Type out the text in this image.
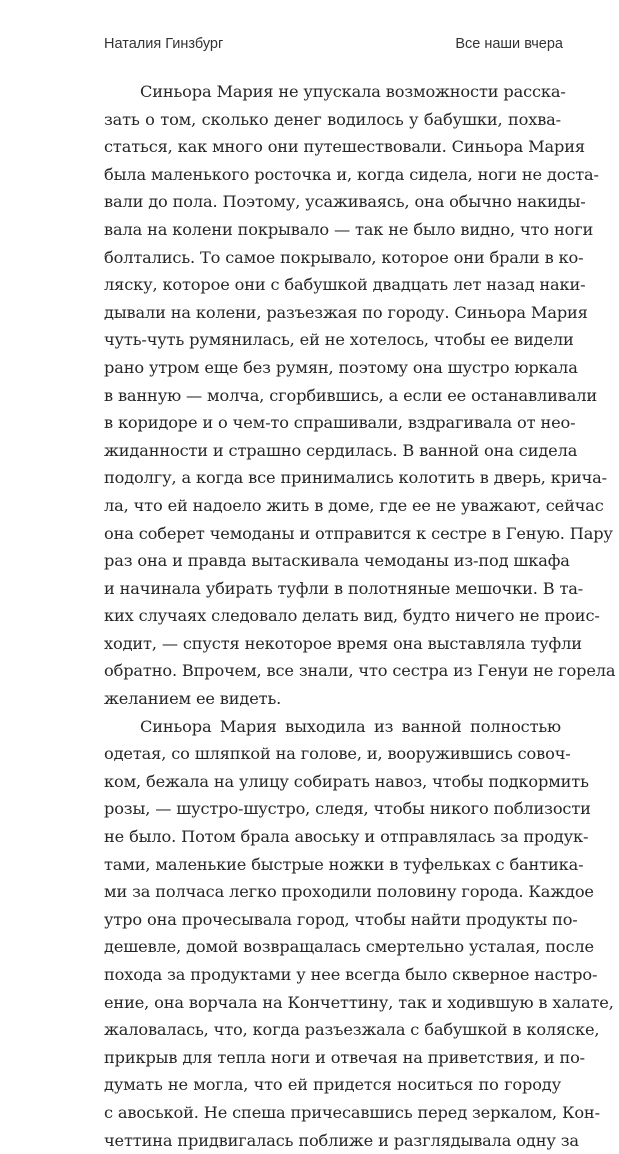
Наталия Гинзбург	Все наши вчера
Синьора Мария не упускала возможности расска-
зать о том, сколько денег водилось у бабушки, похва-
статься, как много они путешествовали. Синьора Мария
была маленького росточка и, когда сидела, ноги не доста-
вали до пола. Поэтому, усаживаясь, она обычно накиды-
вала на колени покрывало — так не было видно, что ноги
болтались. То самое покрывало, которое они брали в ко-
ляску, которое они с бабушкой двадцать лет назад наки-
дывали на колени, разъезжая по городу. Синьора Мария
чуть-чуть румянилась, ей не хотелось, чтобы ее видели
рано утром еще без румян, поэтому она шустро юркала
в ванную — молча, сгорбившись, а если ее останавливали
в коридоре и о чем-то спрашивали, вздрагивала от нео-
жиданности и страшно сердилась. В ванной она сидела
подолгу, а когда все принимались колотить в дверь, крича-
ла, что ей надоело жить в доме, где ее не уважают, сейчас
она соберет чемоданы и отправится к сестре в Геную. Пару
раз она и правда вытаскивала чемоданы из-под шкафа
и начинала убирать туфли в полотняные мешочки. В та-
ких случаях следовало делать вид, будто ничего не проис-
ходит, — спустя некоторое время она выставляла туфли
обратно. Впрочем, все знали, что сестра из Генуи не горела
желанием ее видеть.
Синьора Мария выходила из ванной полностью
одетая, со шляпкой на голове, и, вооружившись совоч-
ком, бежала на улицу собирать навоз, чтобы подкормить
розы, — шустро-шустро, следя, чтобы никого поблизости
не было. Потом брала авоську и отправлялась за продук-
тами, маленькие быстрые ножки в туфельках с бантика-
ми за полчаса легко проходили половину города. Каждое
утро она прочесывала город, чтобы найти продукты по-
дешевле, домой возвращалась смертельно усталая, после
похода за продуктами у нее всегда было скверное настро-
ение, она ворчала на Кончеттину, так и ходившую в халате,
жаловалась, что, когда разъезжала с бабушкой в коляске,
прикрыв для тепла ноги и отвечая на приветствия, и по-
думать не могла, что ей придется носиться по городу
с авоськой. Не спеша причесавшись перед зеркалом, Кон-
четтина придвигалась поближе и разглядывала одну за
